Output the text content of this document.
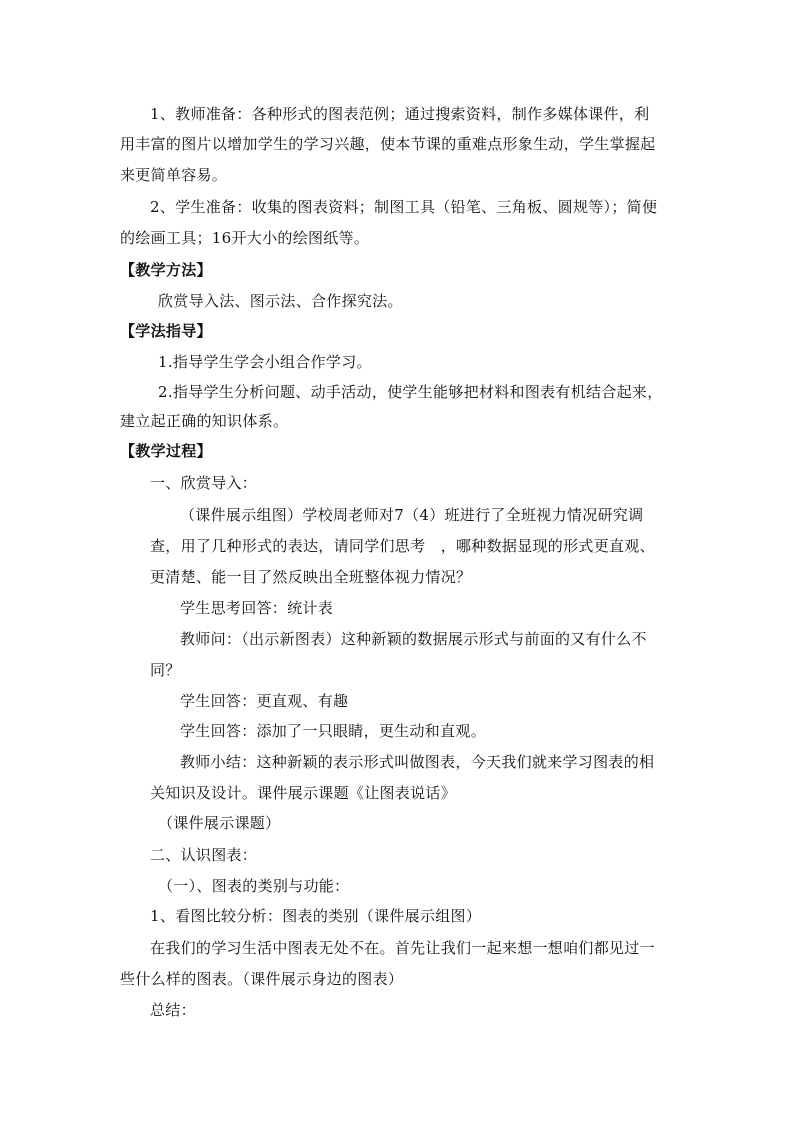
1、教师准备：各种形式的图表范例；通过搜索资料，制作多媒体课件，利
用丰富的图片以增加学生的学习兴趣，使本节课的重难点形象生动，学生掌握起
来更简单容易。
2、学生准备：收集的图表资料；制图工具（铅笔、三角板、圆规等）；简便
的绘画工具；16开大小的绘图纸等。
【教学方法】
欣赏导入法、图示法、合作探究法。
【学法指导】
1.指导学生学会小组合作学习。
2.指导学生分析问题、动手活动，使学生能够把材料和图表有机结合起来，
建立起正确的知识体系。
【教学过程】
一、欣赏导入：
（课件展示组图）学校周老师对7（4）班进行了全班视力情况研究调
查，用了几种形式的表达，请同学们思考　，哪种数据显现的形式更直观、
更清楚、能一目了然反映出全班整体视力情况？
学生思考回答：统计表
教师问：（出示新图表）这种新颖的数据展示形式与前面的又有什么不
同？
学生回答：更直观、有趣
学生回答：添加了一只眼睛，更生动和直观。
教师小结：这种新颖的表示形式叫做图表，今天我们就来学习图表的相
关知识及设计。课件展示课题《让图表说话》
（课件展示课题）
二、认识图表：
（一）、图表的类别与功能：
1、看图比较分析：图表的类别（课件展示组图）
在我们的学习生活中图表无处不在。首先让我们一起来想一想咱们都见过一
些什么样的图表。（课件展示身边的图表）
总结：
